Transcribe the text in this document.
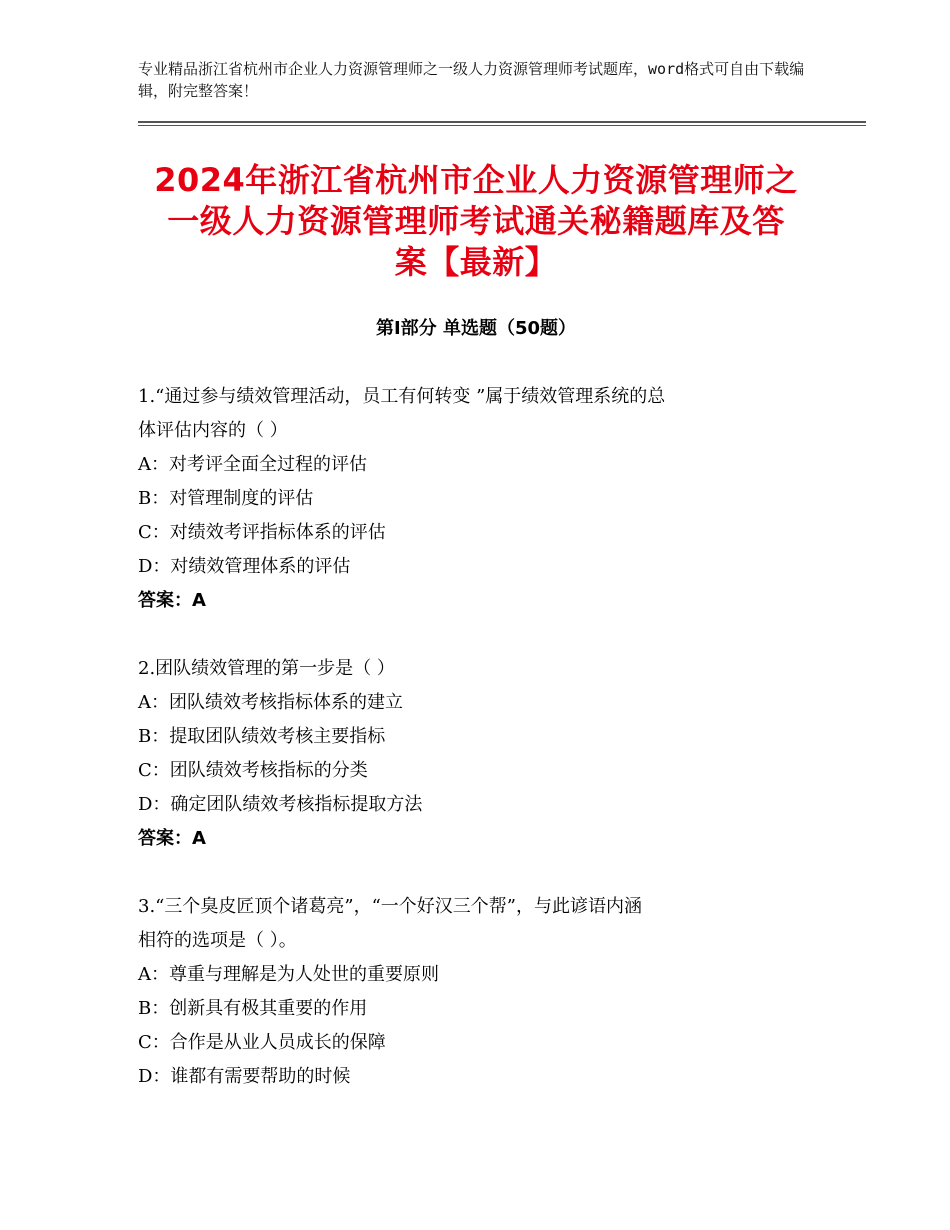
专业精品浙江省杭州市企业人力资源管理师之一级人力资源管理师考试题库，word格式可自由下载编辑，附完整答案！
2024年浙江省杭州市企业人力资源管理师之
一级人力资源管理师考试通关秘籍题库及答
案【最新】
第Ⅰ部分 单选题（50题）
1.“通过参与绩效管理活动，员工有何转变 ”属于绩效管理系统的总
体评估内容的（ ）
A：对考评全面全过程的评估
B：对管理制度的评估
C：对绩效考评指标体系的评估
D：对绩效管理体系的评估
答案：A
2.团队绩效管理的第一步是（ ）
A：团队绩效考核指标体系的建立
B：提取团队绩效考核主要指标
C：团队绩效考核指标的分类
D：确定团队绩效考核指标提取方法
答案：A
3.“三个臭皮匠顶个诸葛亮”，“一个好汉三个帮”，与此谚语内涵
相符的选项是（ ）。
A：尊重与理解是为人处世的重要原则
B：创新具有极其重要的作用
C：合作是从业人员成长的保障
D：谁都有需要帮助的时候
